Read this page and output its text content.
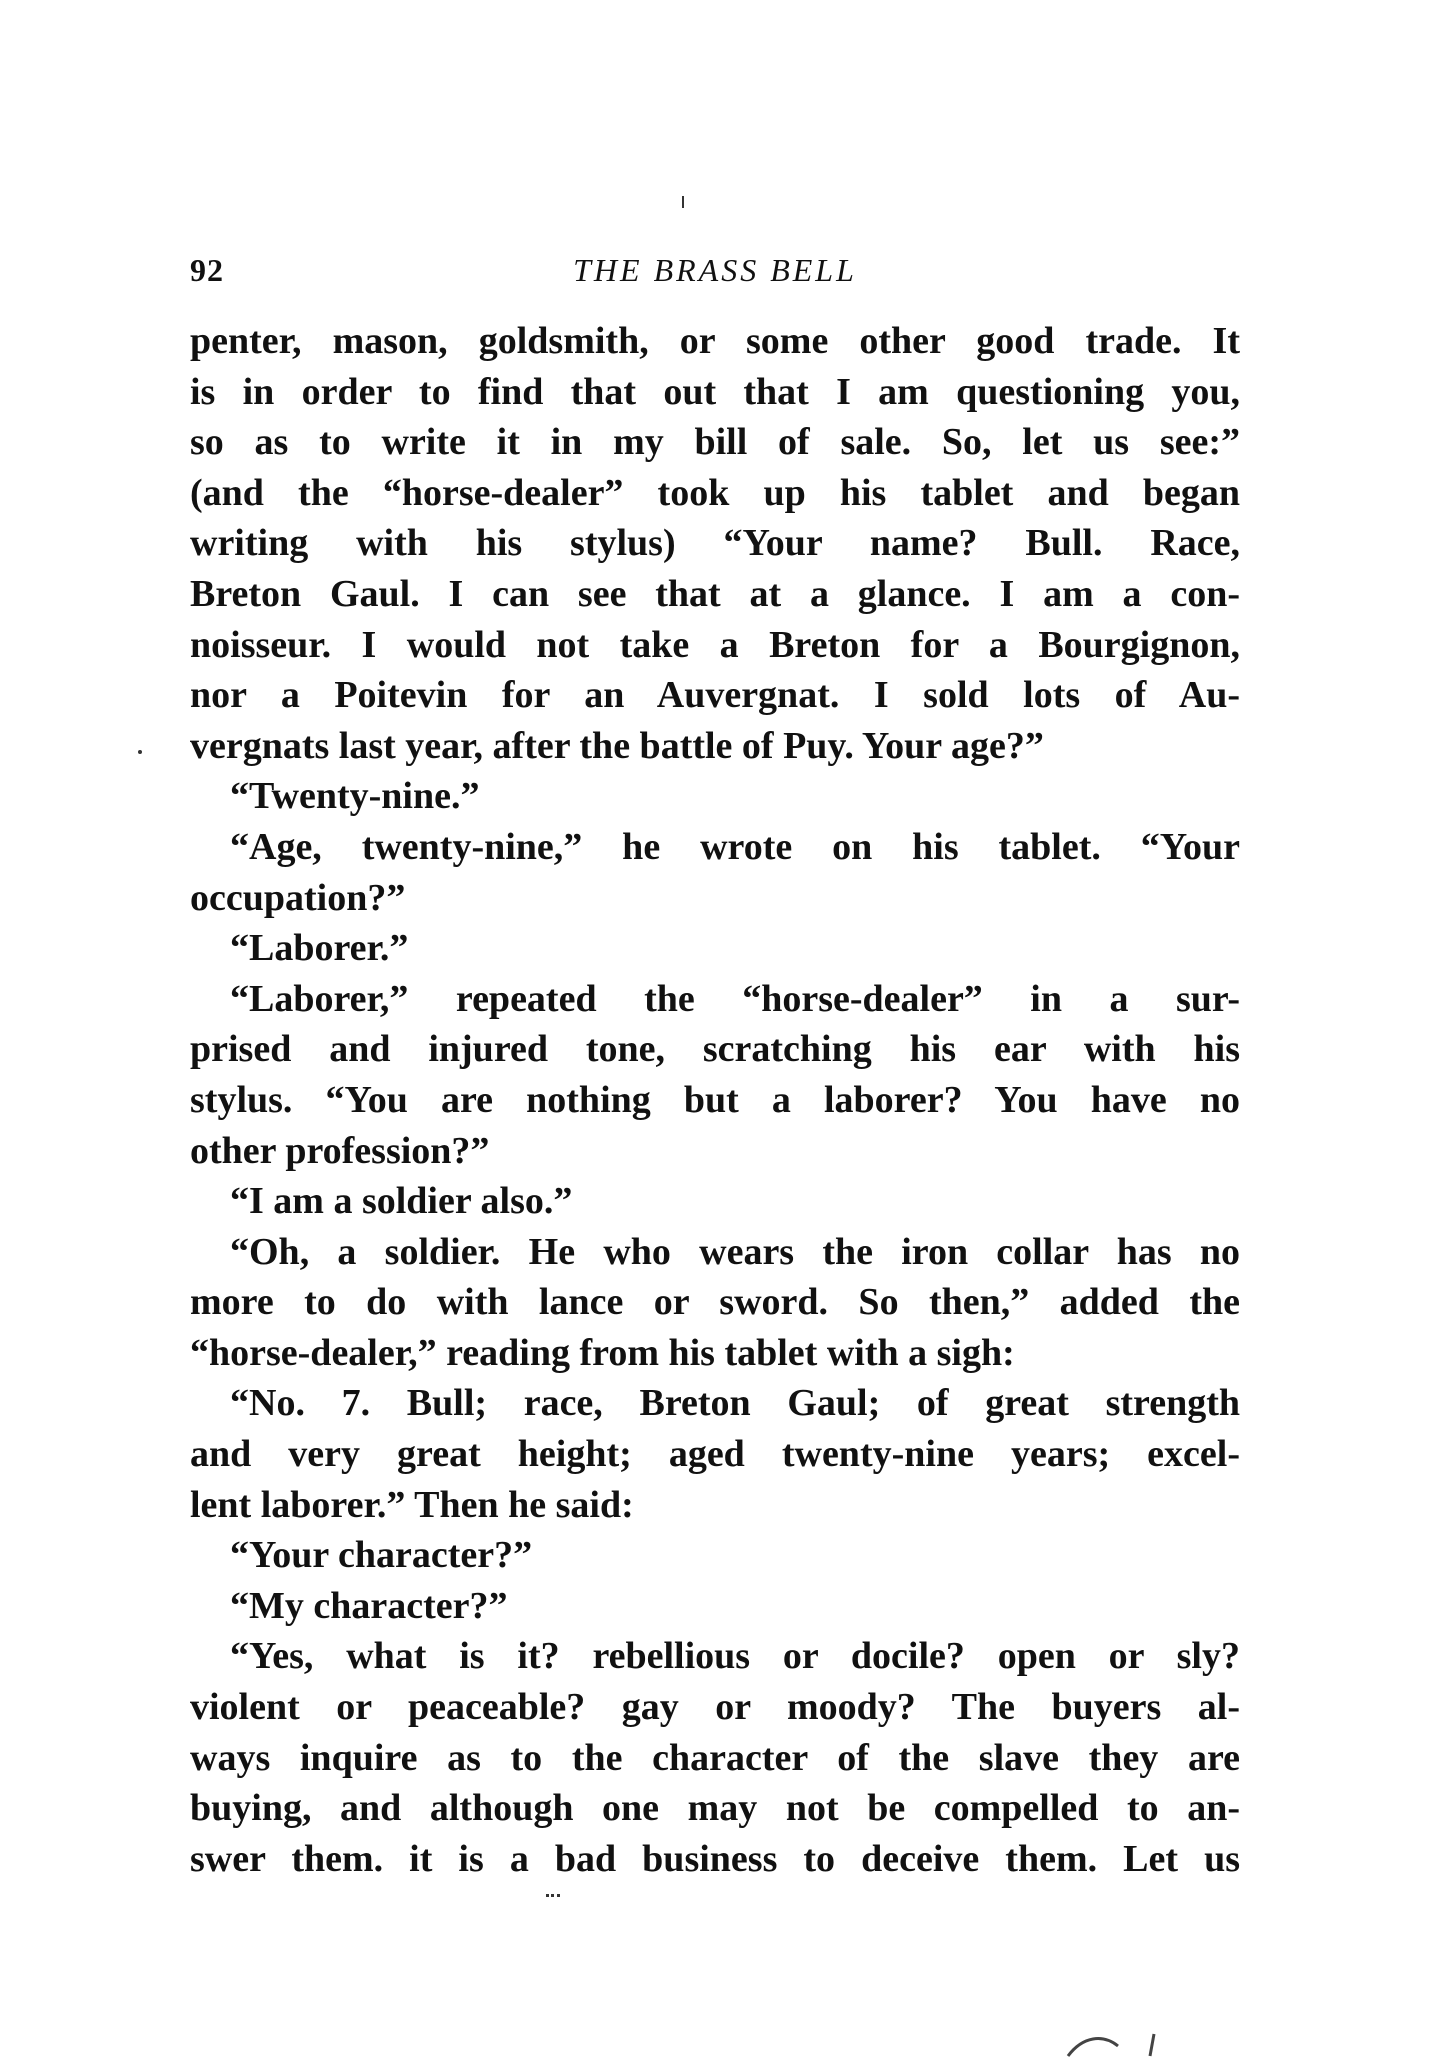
92	THE BRASS BELL
penter, mason, goldsmith, or some other good trade. It
is in order to find that out that I am questioning you,
so as to write it in my bill of sale. So, let us see:”
(and the “horse-dealer” took up his tablet and began
writing with his stylus) “Your name? Bull. Race,
Breton Gaul. I can see that at a glance. I am a con-
noisseur. I would not take a Breton for a Bourgignon,
nor a Poitevin for an Auvergnat. I sold lots of Au-
vergnats last year, after the battle of Puy. Your age?”
“Twenty-nine.”
“Age, twenty-nine,” he wrote on his tablet. “Your
occupation?”
“Laborer.”
“Laborer,” repeated the “horse-dealer” in a sur-
prised and injured tone, scratching his ear with his
stylus. “You are nothing but a laborer? You have no
other profession?”
“I am a soldier also.”
“Oh, a soldier. He who wears the iron collar has no
more to do with lance or sword. So then,” added the
“horse-dealer,” reading from his tablet with a sigh:
“No. 7. Bull; race, Breton Gaul; of great strength
and very great height; aged twenty-nine years; excel-
lent laborer.” Then he said:
“Your character?”
“My character?”
“Yes, what is it? rebellious or docile? open or sly?
violent or peaceable? gay or moody? The buyers al-
ways inquire as to the character of the slave they are
buying, and although one may not be compelled to an-
swer them. it is a bad business to deceive them. Let us
